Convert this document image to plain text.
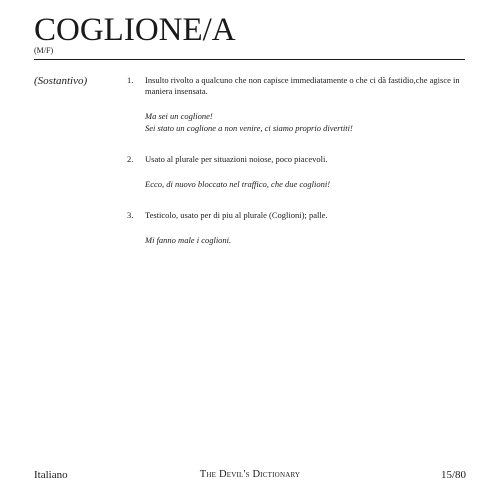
COGLIONE/A
(M/F)
(Sostantivo)	1. Insulto rivolto a qualcuno che non capisce immediatamente o che ci dà fastidio,che agisce in maniera insensata.

Ma sei un coglione!
Sei stato un coglione a non venire, ci siamo proprio divertiti!
2. Usato al plurale per situazioni noiose, poco piacevoli.

Ecco, di nuovo bloccato nel traffico, che due coglioni!
3. Testicolo, usato per di piu al plurale (Coglioni); palle.

Mi fanno male i coglioni.
Italiano	The Devil's Dictionary	15/80
